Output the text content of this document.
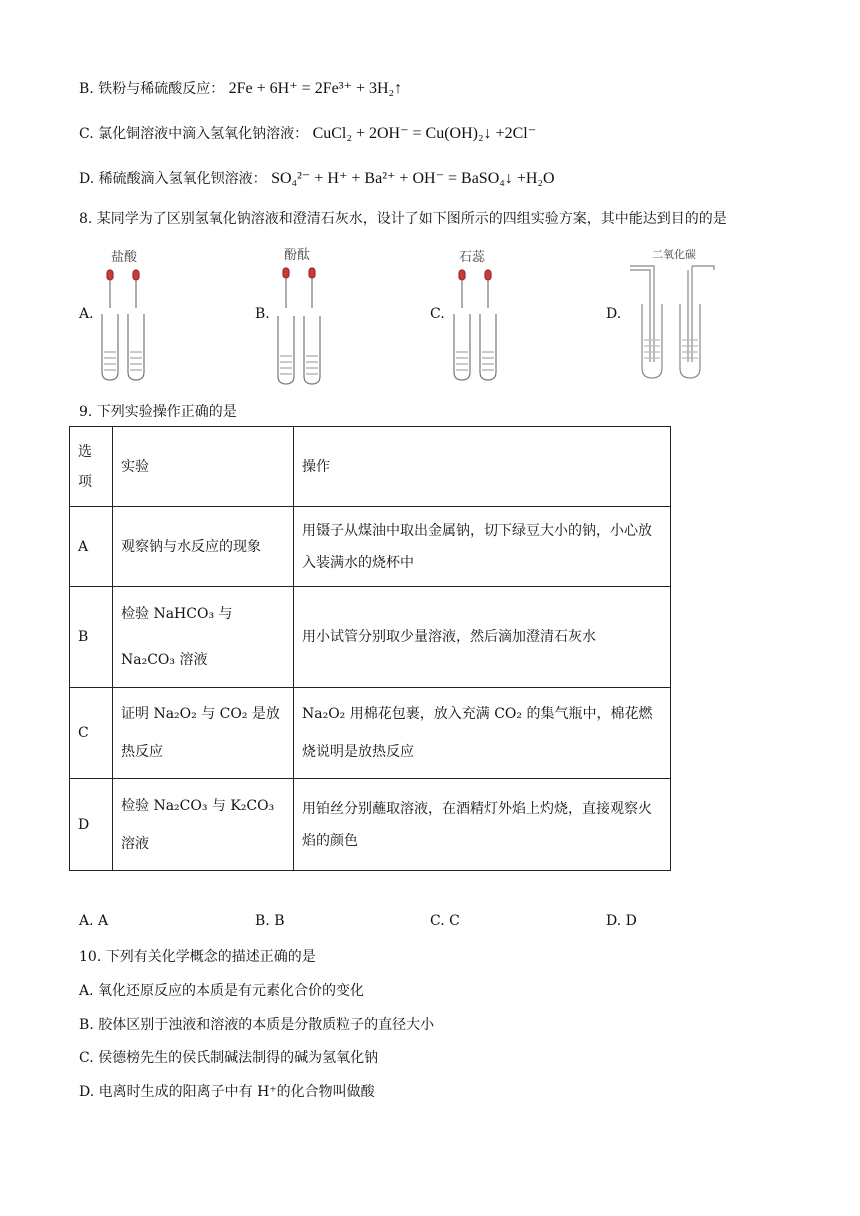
B. 铁粉与稀硫酸反应： 2Fe + 6H⁺ = 2Fe³⁺ + 3H₂↑
C. 氯化铜溶液中滴入氢氧化钠溶液： CuCl₂ + 2OH⁻ = Cu(OH)₂↓ +2Cl⁻
D. 稀硫酸滴入氢氧化钡溶液： SO₄²⁻ + H⁺ + Ba²⁺ + OH⁻ = BaSO₄↓ +H₂O
8. 某同学为了区别氢氧化钠溶液和澄清石灰水，设计了如下图所示的四组实验方案，其中能达到目的的是
A.
盐酸
B.
酚酞
C.
石蕊
D.
二氧化碳
9. 下列实验操作正确的是
选项	实验	操作
A	观察钠与水反应的现象	用镊子从煤油中取出金属钠，切下绿豆大小的钠，小心放入装满水的烧杯中
B	检验 NaHCO₃ 与 Na₂CO₃ 溶液	用小试管分别取少量溶液，然后滴加澄清石灰水
C	证明 Na₂O₂ 与 CO₂ 是放热反应	Na₂O₂ 用棉花包裹，放入充满 CO₂ 的集气瓶中，棉花燃烧说明是放热反应
D	检验 Na₂CO₃ 与 K₂CO₃ 溶液	用铂丝分别蘸取溶液，在酒精灯外焰上灼烧，直接观察火焰的颜色
A. A	B. B	C. C	D. D
10. 下列有关化学概念的描述正确的是
A. 氧化还原反应的本质是有元素化合价的变化
B. 胶体区别于浊液和溶液的本质是分散质粒子的直径大小
C. 侯德榜先生的侯氏制碱法制得的碱为氢氧化钠
D. 电离时生成的阳离子中有 H⁺的化合物叫做酸
